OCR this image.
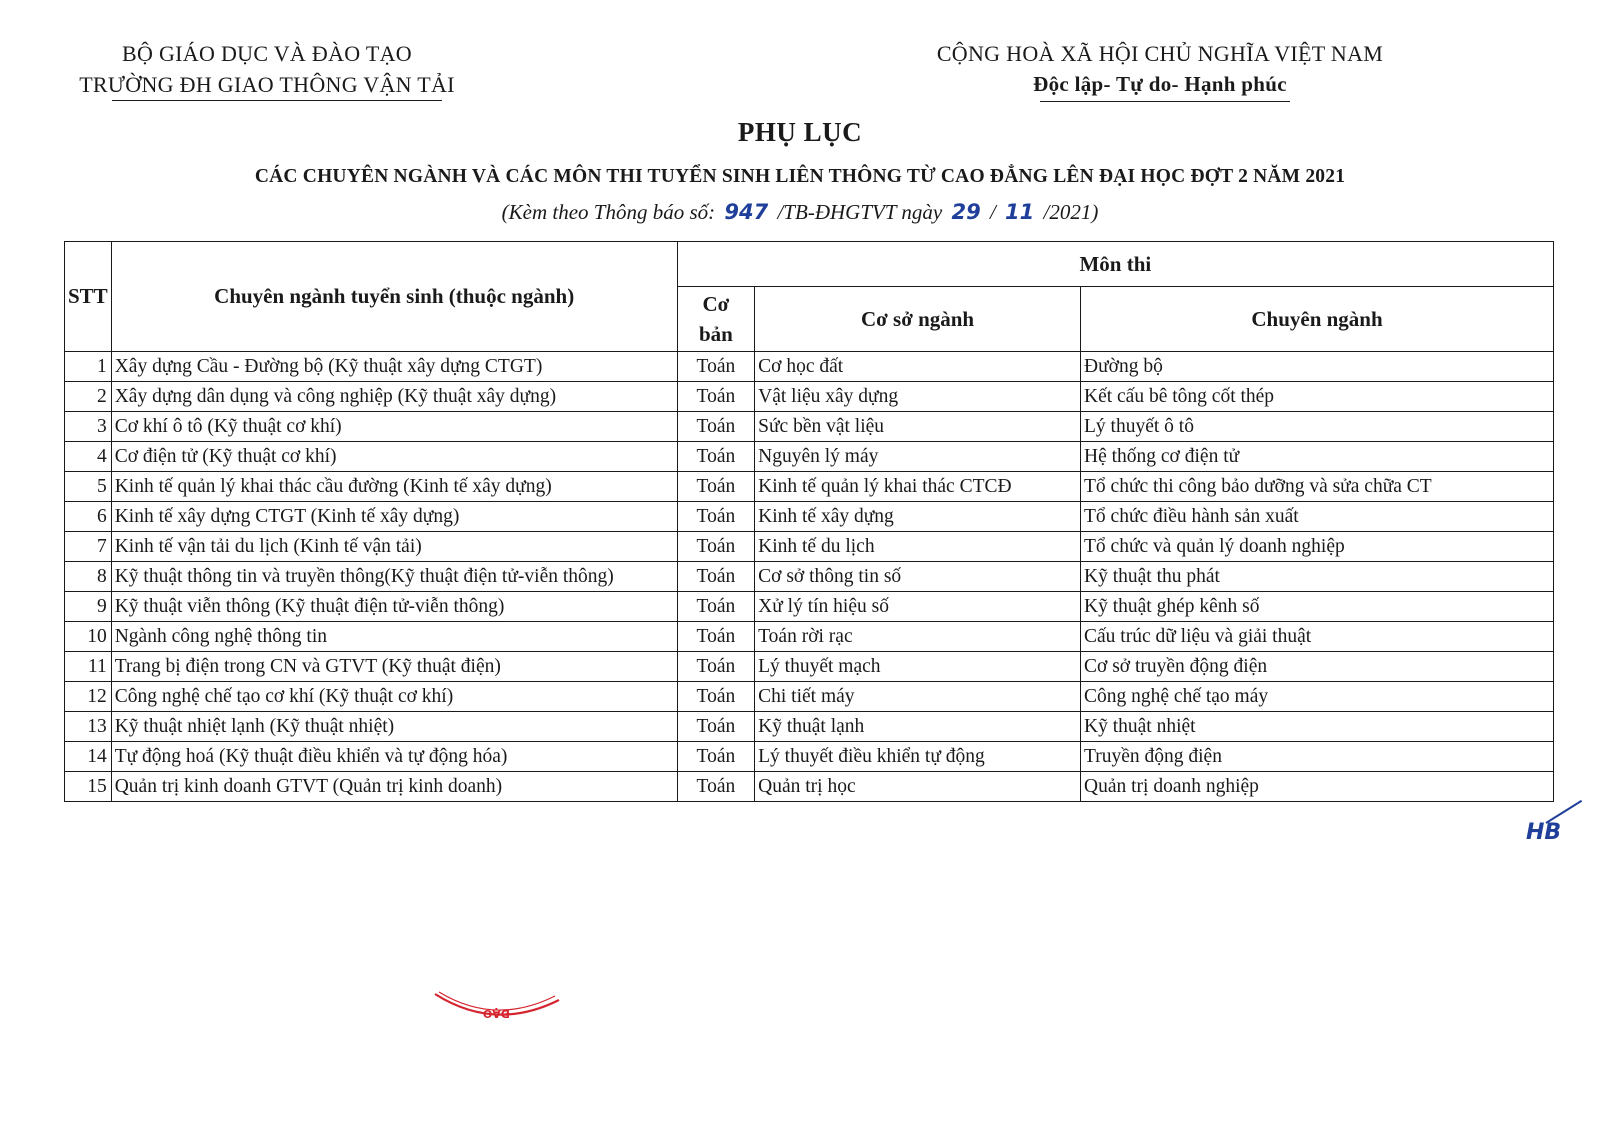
BỘ GIÁO DỤC VÀ ĐÀO TẠO
TRƯỜNG ĐH GIAO THÔNG VẬN TẢI
CỘNG HOÀ XÃ HỘI CHỦ NGHĨA VIỆT NAM
Độc lập- Tự do- Hạnh phúc
PHỤ LỤC
CÁC CHUYÊN NGÀNH VÀ CÁC MÔN THI TUYỂN SINH LIÊN THÔNG TỪ CAO ĐẲNG LÊN ĐẠI HỌC ĐỢT 2 NĂM 2021
(Kèm theo Thông báo số: 947 /TB-ĐHGTVT ngày 29 / 11 /2021)
STT	Chuyên ngành tuyển sinh (thuộc ngành)	Môn thi		
		Cơ
bản	Cơ sở ngành	Chuyên ngành
1	Xây dựng Cầu - Đường bộ (Kỹ thuật xây dựng CTGT)	Toán	Cơ học đất	Đường bộ
2	Xây dựng dân dụng và công nghiệp (Kỹ thuật xây dựng)	Toán	Vật liệu xây dựng	Kết cấu bê tông cốt thép
3	Cơ khí ô tô (Kỹ thuật cơ khí)	Toán	Sức bền vật liệu	Lý thuyết ô tô
4	Cơ điện tử (Kỹ thuật cơ khí)	Toán	Nguyên lý máy	Hệ thống cơ điện tử
5	Kinh tế quản lý khai thác cầu đường (Kinh tế xây dựng)	Toán	Kinh tế quản lý khai thác CTCĐ	Tổ chức thi công bảo dưỡng và sửa chữa CT
6	Kinh tế xây dựng CTGT (Kinh tế xây dựng)	Toán	Kinh tế xây dựng	Tổ chức điều hành sản xuất
7	Kinh tế vận tải du lịch (Kinh tế vận tải)	Toán	Kinh tế du lịch	Tổ chức và quản lý doanh nghiệp
8	Kỹ thuật thông tin và truyền thông(Kỹ thuật điện tử-viễn thông)	Toán	Cơ sở thông tin số	Kỹ thuật thu phát
9	Kỹ thuật viễn thông (Kỹ thuật điện tử-viễn thông)	Toán	Xử lý tín hiệu số	Kỹ thuật ghép kênh số
10	Ngành công nghệ thông tin	Toán	Toán rời rạc	Cấu trúc dữ liệu và giải thuật
11	Trang bị điện trong CN và GTVT (Kỹ thuật điện)	Toán	Lý thuyết mạch	Cơ sở truyền động điện
12	Công nghệ chế tạo cơ khí (Kỹ thuật cơ khí)	Toán	Chi tiết máy	Công nghệ chế tạo máy
13	Kỹ thuật nhiệt lạnh (Kỹ thuật nhiệt)	Toán	Kỹ thuật lạnh	Kỹ thuật nhiệt
14	Tự động hoá (Kỹ thuật điều khiển và tự động hóa)	Toán	Lý thuyết điều khiển tự động	Truyền động điện
15	Quản trị kinh doanh GTVT (Quản trị kinh doanh)	Toán	Quản trị học	Quản trị doanh nghiệp
HB
ĐẠO
